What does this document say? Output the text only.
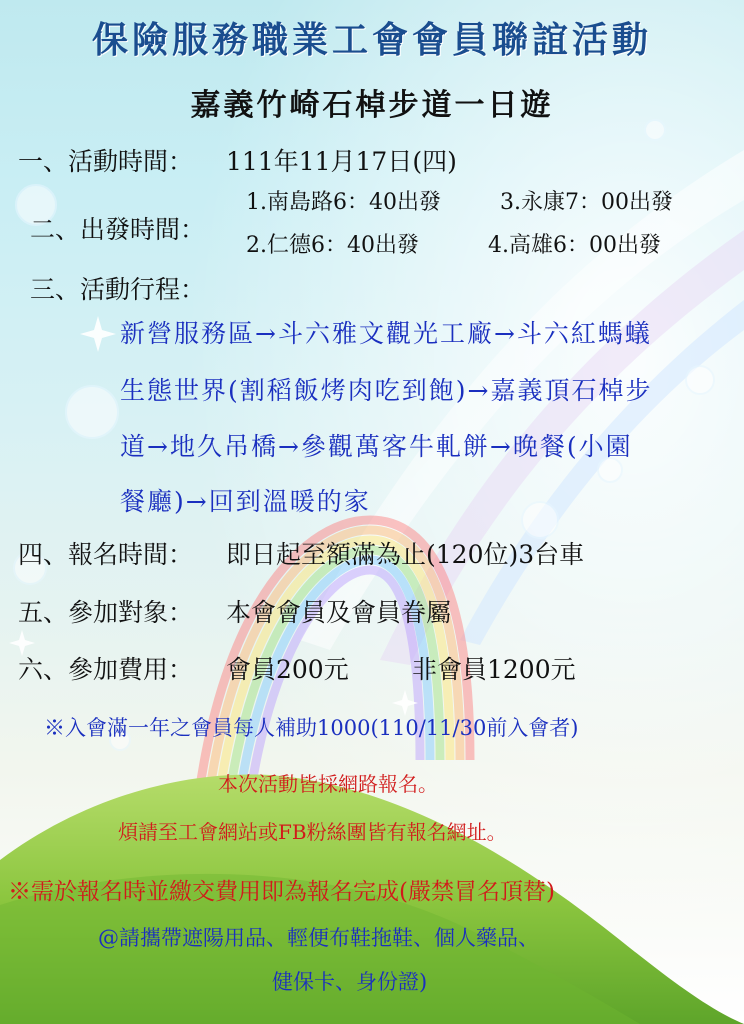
保險服務職業工會會員聯誼活動
嘉義竹崎石棹步道一日遊
一、活動時間： 111年11月17日(四)
二、出發時間：
1.南島路6：40出發	3.永康7：00出發
2.仁德6：40出發	4.高雄6：00出發
三、活動行程：
新營服務區→斗六雅文觀光工廠→斗六紅螞蟻
生態世界(割稻飯烤肉吃到飽)→嘉義頂石棹步
道→地久吊橋→參觀萬客牛軋餅→晚餐(小園
餐廳)→回到溫暖的家
四、報名時間： 即日起至額滿為止(120位)3台車
五、參加對象： 本會會員及會員眷屬
六、參加費用： 會員200元	非會員1200元
※入會滿一年之會員每人補助1000(110/11/30前入會者)
本次活動皆採網路報名。
煩請至工會網站或FB粉絲團皆有報名網址。
※需於報名時並繳交費用即為報名完成(嚴禁冒名頂替)
@請攜帶遮陽用品、輕便布鞋拖鞋、個人藥品、
健保卡、身份證)
